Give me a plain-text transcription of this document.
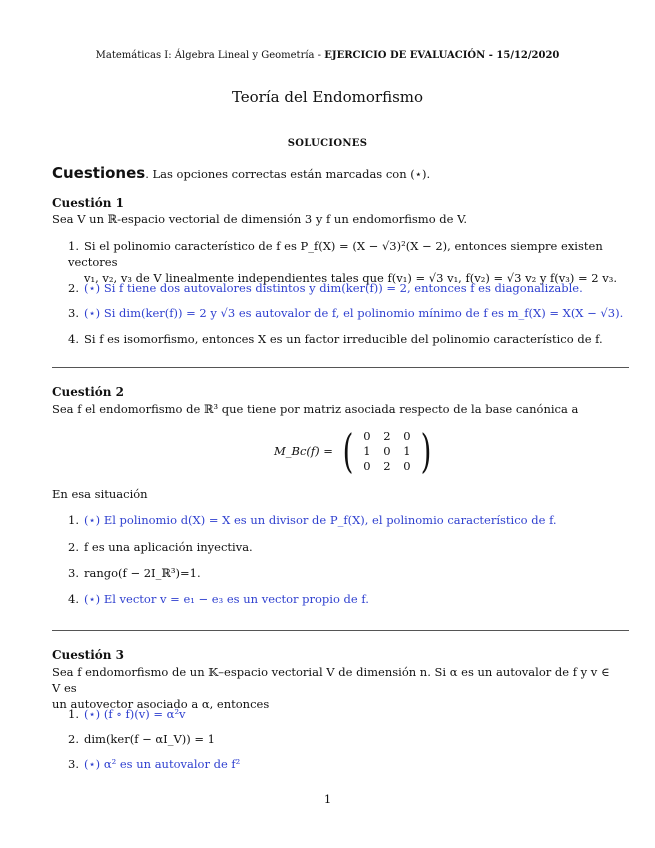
Matemáticas I: Álgebra Lineal y Geometría - EJERCICIO DE EVALUACIÓN - 15/12/2020
Teoría del Endomorfismo
SOLUCIONES
Cuestiones. Las opciones correctas están marcadas con (⋆).
Cuestión 1
Sea V un ℝ-espacio vectorial de dimensión 3 y f un endomorfismo de V.
1. Si el polinomio característico de f es P_f(X) = (X − √3)²(X − 2), entonces siempre existen vectores
v₁, v₂, v₃ de V linealmente independientes tales que f(v₁) = √3 v₁, f(v₂) = √3 v₂ y f(v₃) = 2 v₃.
2. (⋆) Si f tiene dos autovalores distintos y dim(ker(f)) = 2, entonces f es diagonalizable.
3. (⋆) Si dim(ker(f)) = 2 y √3 es autovalor de f, el polinomio mínimo de f es m_f(X) = X(X − √3).
4. Si f es isomorfismo, entonces X es un factor irreducible del polinomio característico de f.
Cuestión 2
Sea f el endomorfismo de ℝ³ que tiene por matriz asociada respecto de la base canónica a
M_Bc(f) = ( 0	2	0
1	0	1
0	2	0 )
En esa situación
1. (⋆) El polinomio d(X) = X es un divisor de P_f(X), el polinomio característico de f.
2. f es una aplicación inyectiva.
3. rango(f − 2I_ℝ³)=1.
4. (⋆) El vector v = e₁ − e₃ es un vector propio de f.
Cuestión 3
Sea f endomorfismo de un 𝕂–espacio vectorial V de dimensión n. Si α es un autovalor de f y v ∈ V es
un autovector asociado a α, entonces
1. (⋆) (f ∘ f)(v) = α²v
2. dim(ker(f − αI_V)) = 1
3. (⋆) α² es un autovalor de f²
1
